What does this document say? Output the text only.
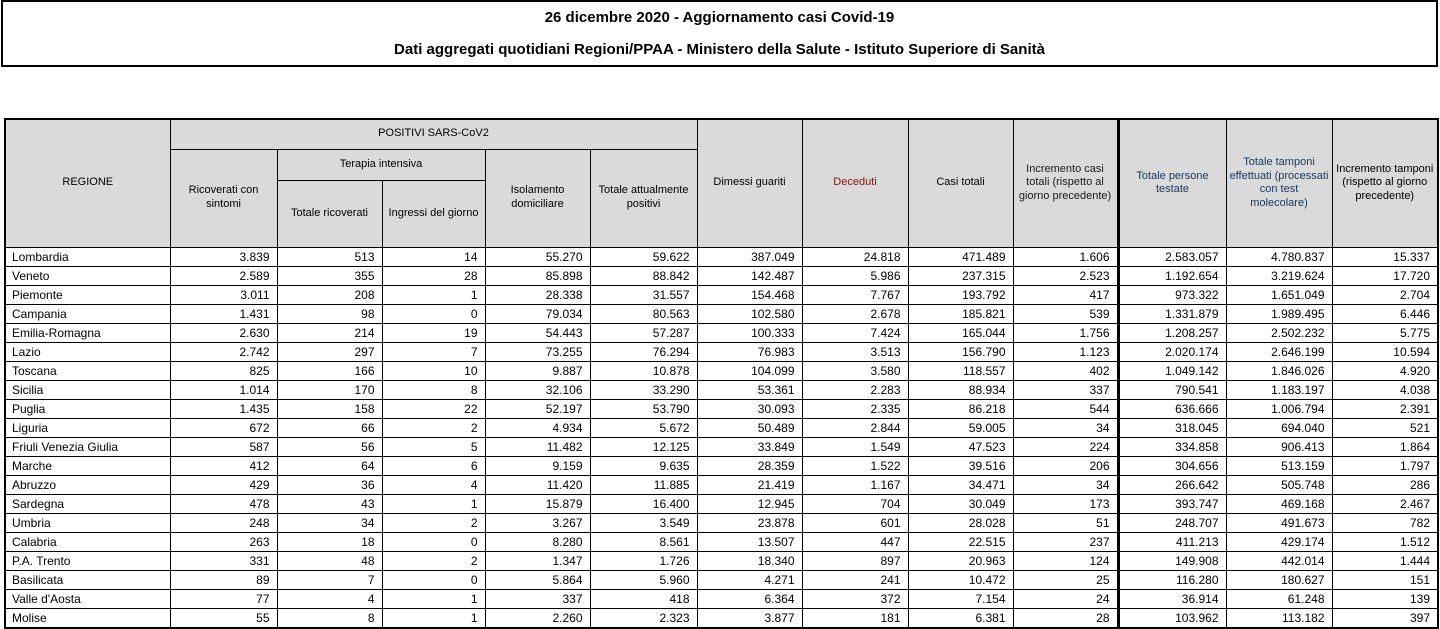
26 dicembre 2020 - Aggiornamento casi Covid-19

Dati aggregati quotidiani Regioni/PPAA - Ministero della Salute - Istituto Superiore di Sanità

REGIONE	POSITIVI SARS-CoV2					Dimessi guariti	Deceduti	Casi totali	Incremento casi totali (rispetto al giorno precedente)	Totale persone testate	Totale tamponi effettuati (processati con test molecolare)	Incremento tamponi (rispetto al giorno precedente)
	Ricoverati con sintomi	Terapia intensiva		Isolamento domiciliare	Totale attualmente positivi							
		Totale ricoverati	Ingressi del giorno									
Lombardia	3.839	513	14	55.270	59.622	387.049	24.818	471.489	1.606	2.583.057	4.780.837	15.337
Veneto	2.589	355	28	85.898	88.842	142.487	5.986	237.315	2.523	1.192.654	3.219.624	17.720
Piemonte	3.011	208	1	28.338	31.557	154.468	7.767	193.792	417	973.322	1.651.049	2.704
Campania	1.431	98	0	79.034	80.563	102.580	2.678	185.821	539	1.331.879	1.989.495	6.446
Emilia-Romagna	2.630	214	19	54.443	57.287	100.333	7.424	165.044	1.756	1.208.257	2.502.232	5.775
Lazio	2.742	297	7	73.255	76.294	76.983	3.513	156.790	1.123	2.020.174	2.646.199	10.594
Toscana	825	166	10	9.887	10.878	104.099	3.580	118.557	402	1.049.142	1.846.026	4.920
Sicilia	1.014	170	8	32.106	33.290	53.361	2.283	88.934	337	790.541	1.183.197	4.038
Puglia	1.435	158	22	52.197	53.790	30.093	2.335	86.218	544	636.666	1.006.794	2.391
Liguria	672	66	2	4.934	5.672	50.489	2.844	59.005	34	318.045	694.040	521
Friuli Venezia Giulia	587	56	5	11.482	12.125	33.849	1.549	47.523	224	334.858	906.413	1.864
Marche	412	64	6	9.159	9.635	28.359	1.522	39.516	206	304.656	513.159	1.797
Abruzzo	429	36	4	11.420	11.885	21.419	1.167	34.471	34	266.642	505.748	286
Sardegna	478	43	1	15.879	16.400	12.945	704	30.049	173	393.747	469.168	2.467
Umbria	248	34	2	3.267	3.549	23.878	601	28.028	51	248.707	491.673	782
Calabria	263	18	0	8.280	8.561	13.507	447	22.515	237	411.213	429.174	1.512
P.A. Trento	331	48	2	1.347	1.726	18.340	897	20.963	124	149.908	442.014	1.444
Basilicata	89	7	0	5.864	5.960	4.271	241	10.472	25	116.280	180.627	151
Valle d'Aosta	77	4	1	337	418	6.364	372	7.154	24	36.914	61.248	139
Molise	55	8	1	2.260	2.323	3.877	181	6.381	28	103.962	113.182	397
